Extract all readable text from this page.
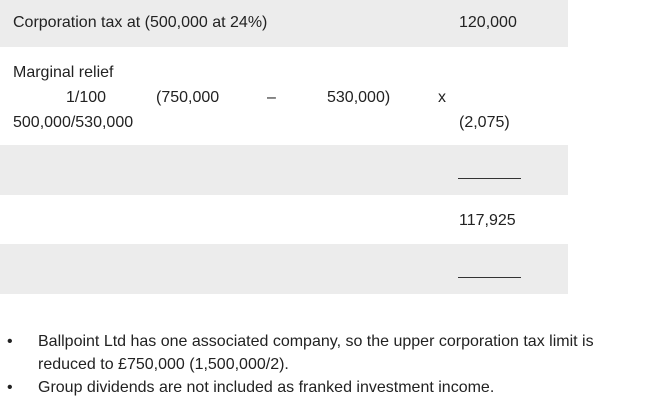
Corporation tax at (500,000 at 24%)	120,000
Marginal relief
1/100	(750,000	–	530,000)	x
500,000/530,000	(2,075)
117,925
• Ballpoint Ltd has one associated company, so the upper corporation tax limit is reduced to £750,000 (1,500,000/2).
• Group dividends are not included as franked investment income.
